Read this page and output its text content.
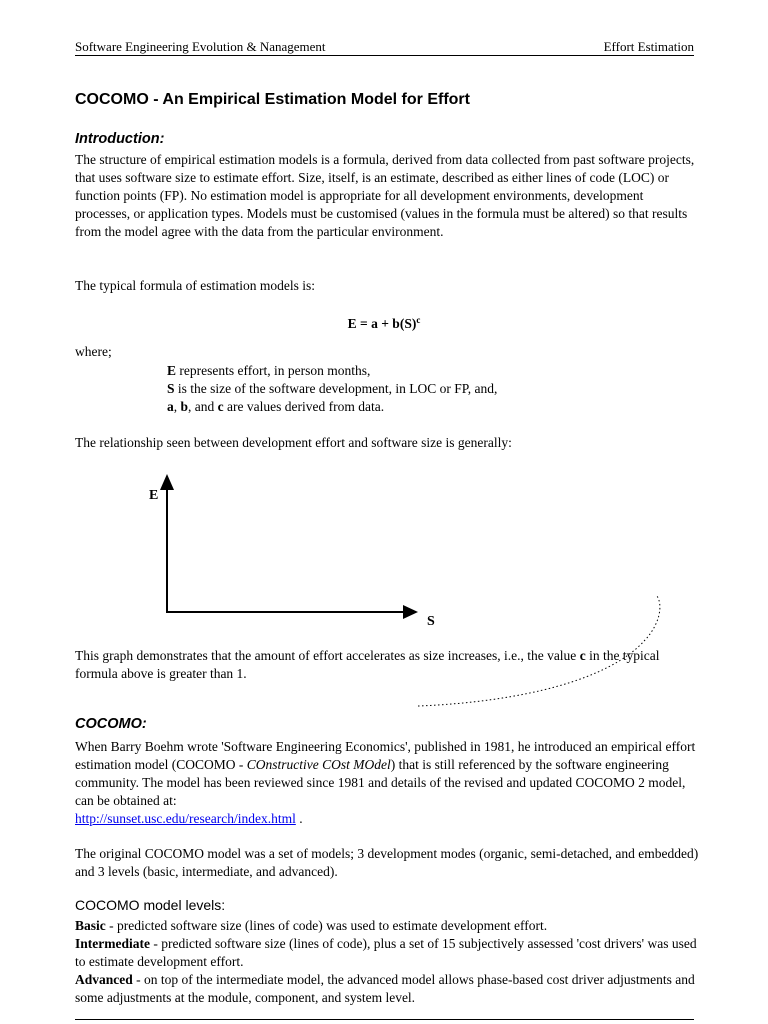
Software Engineering Evolution & Nanagement	Effort Estimation
COCOMO - An Empirical Estimation Model for Effort
Introduction:
The structure of empirical estimation models is a formula, derived from data collected from past software projects, that uses software size to estimate effort. Size, itself, is an estimate, described as either lines of code (LOC) or function points (FP). No estimation model is appropriate for all development environments, development processes, or application types. Models must be customised (values in the formula must be altered) so that results from the model agree with the data from the particular environment.
The typical formula of estimation models is:
$E = a + b(S)^c$
where;
E represents effort, in person months,
S is the size of the software development, in LOC or FP, and,
a, b, and c are values derived from data.
The relationship seen between development effort and software size is generally:
E
S
This graph demonstrates that the amount of effort accelerates as size increases, i.e., the value c in the typical formula above is greater than 1.
COCOMO:
When Barry Boehm wrote 'Software Engineering Economics', published in 1981, he introduced an empirical effort estimation model (COCOMO - COnstructive COst MOdel) that is still referenced by the software engineering community. The model has been reviewed since 1981 and details of the revised and updated COCOMO 2 model, can be obtained at:
http://sunset.usc.edu/research/index.html .
The original COCOMO model was a set of models; 3 development modes (organic, semi-detached, and embedded) and 3 levels (basic, intermediate, and advanced).
COCOMO model levels:
Basic - predicted software size (lines of code) was used to estimate development effort.
Intermediate - predicted software size (lines of code), plus a set of 15 subjectively assessed 'cost drivers' was used to estimate development effort.
Advanced - on top of the intermediate model, the advanced model allows phase-based cost driver adjustments and some adjustments at the module, component, and system level.
